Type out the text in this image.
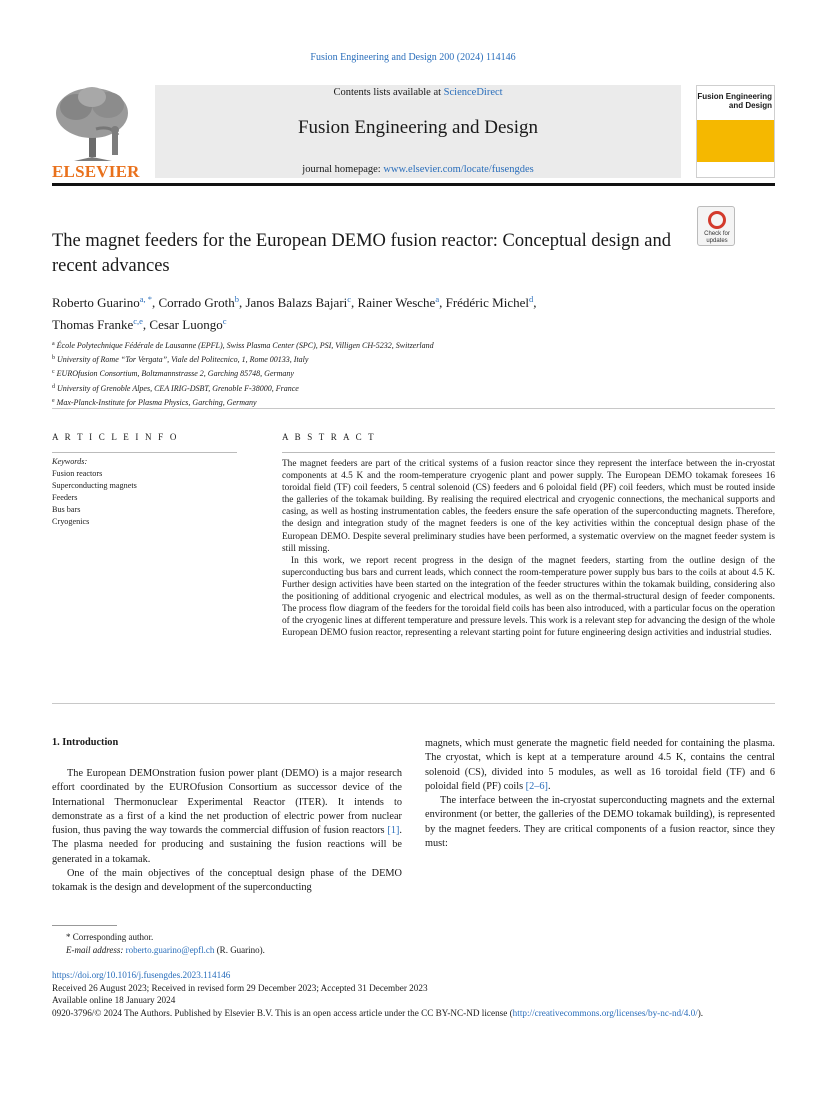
Fusion Engineering and Design 200 (2024) 114146
ELSEVIER
Contents lists available at ScienceDirect
Fusion Engineering and Design
journal homepage: www.elsevier.com/locate/fusengdes
Fusion Engineering
and Design
Check for
updates
The magnet feeders for the European DEMO fusion reactor: Conceptual design and recent advances
Roberto Guarino$^{a, *}$, Corrado Groth$^b$, Janos Balazs Bajari$^c$, Rainer Wesche$^a$, Frédéric Michel$^d$,
Thomas Franke$^{c,e}$, Cesar Luongo$^c$
$^a$ École Polytechnique Fédérale de Lausanne (EPFL), Swiss Plasma Center (SPC), PSI, Villigen CH-5232, Switzerland
$^b$ University of Rome “Tor Vergata”, Viale del Politecnico, 1, Rome 00133, Italy
$^c$ EUROfusion Consortium, Boltzmannstrasse 2, Garching 85748, Germany
$^d$ University of Grenoble Alpes, CEA IRIG-DSBT, Grenoble F-38000, France
$^e$ Max-Planck-Institute for Plasma Physics, Garching, Germany
A R T I C L E I N F O
Keywords:
Fusion reactors
Superconducting magnets
Feeders
Bus bars
Cryogenics
A B S T R A C T

The magnet feeders are part of the critical systems of a fusion reactor since they represent the interface between the in-cryostat components at 4.5 K and the room-temperature cryogenic plant and power supply. The European DEMO tokamak foresees 16 toroidal field (TF) coil feeders, 5 central solenoid (CS) feeders and 6 poloidal field (PF) coil feeders, which must be routed inside the galleries of the tokamak building. By realising the required electrical and cryogenic connections, the mechanical supports and casing, as well as hosting instrumentation cables, the feeders ensure the safe operation of the superconducting magnets. Therefore, the design and integration study of the magnet feeders is one of the key activities within the conceptual design phase of the European DEMO. Despite several preliminary studies have been performed, a systematic overview on the magnet feeder system is still missing.

In this work, we report recent progress in the design of the magnet feeders, starting from the outline design of the superconducting bus bars and current leads, which connect the room-temperature power supply bus bars to the coils at about 4.5 K. Further design activities have been started on the integration of the feeder structures within the tokamak building, considering also the positioning of additional cryogenic and electrical modules, as well as on the thermal-structural design of feeder components. The process flow diagram of the feeders for the toroidal field coils has been also introduced, with a particular focus on the operation of the cryogenic lines at different temperature and pressure levels. This work is a relevant step for advancing the design of the whole European DEMO fusion reactor, representing a relevant starting point for future engineering design activities and industrial studies.

1. Introduction

The European DEMOnstration fusion power plant (DEMO) is a major research effort coordinated by the EUROfusion Consortium as successor device of the International Thermonuclear Experimental Reactor (ITER). It intends to demonstrate as a first of a kind the net production of electric power from nuclear fusion, thus paving the way towards the commercial diffusion of fusion reactors [1]. The plasma needed for producing and sustaining the fusion reactions will be generated in a tokamak.

One of the main objectives of the conceptual design phase of the DEMO tokamak is the design and development of the superconducting

magnets, which must generate the magnetic field needed for containing the plasma. The cryostat, which is kept at a temperature around 4.5 K, contains the central solenoid (CS), divided into 5 modules, as well as 16 toroidal field (TF) and 6 poloidal field (PF) coils [2–6].

The interface between the in-cryostat superconducting magnets and the external environment (or better, the galleries of the DEMO tokamak building), is represented by the magnet feeders. They are critical components of a fusion reactor, since they must:

* Corresponding author.
E-mail address: roberto.guarino@epfl.ch (R. Guarino).
https://doi.org/10.1016/j.fusengdes.2023.114146
Received 26 August 2023; Received in revised form 29 December 2023; Accepted 31 December 2023
Available online 18 January 2024
0920-3796/© 2024 The Authors. Published by Elsevier B.V. This is an open access article under the CC BY-NC-ND license (http://creativecommons.org/licenses/by-nc-nd/4.0/).
